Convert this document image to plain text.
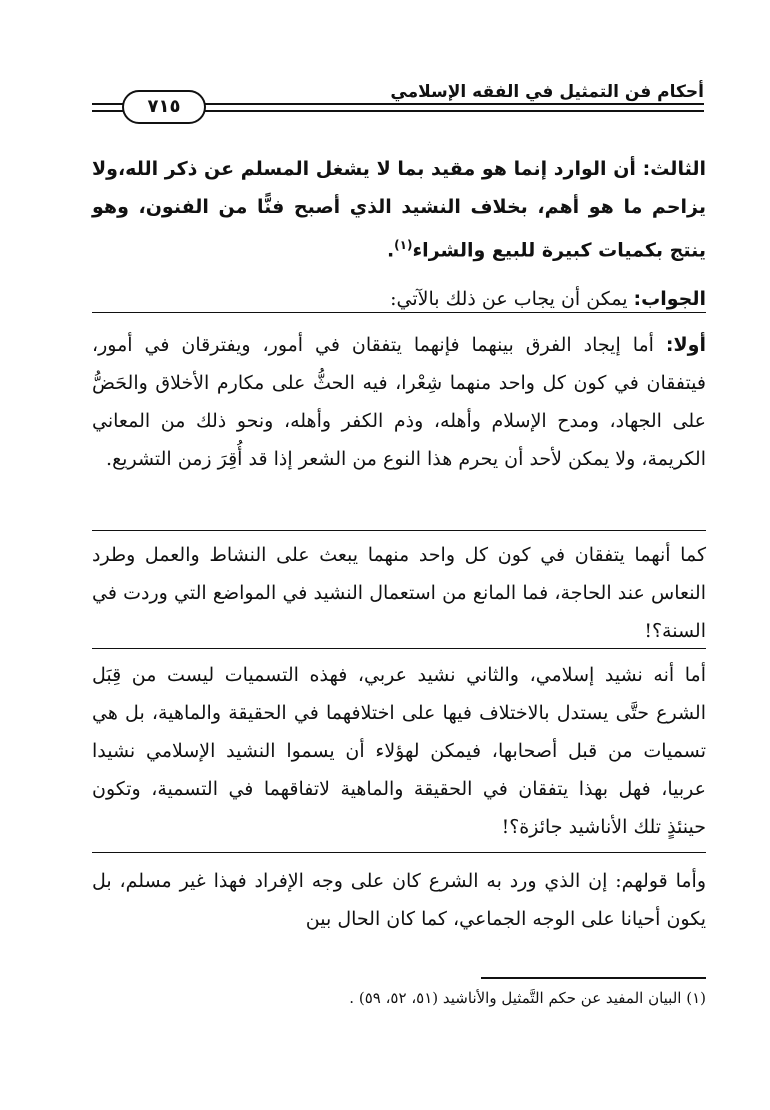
أحكام فن التمثيل في الفقه الإسلامي
٧١٥
الثالث: أن الوارد إنما هو مقيد بما لا يشغل المسلم عن ذكر الله،ولا يزاحم ما هو أهم، بخلاف النشيد الذي أصبح فنًّا من الفنون، وهو ينتج بكميات كبيرة للبيع والشراء$^{(١)}$.
الجواب: يمكن أن يجاب عن ذلك بالآتي:
أولا: أما إيجاد الفرق بينهما فإنهما يتفقان في أمور، ويفترقان في أمور، فيتفقان في كون كل واحد منهما شِعْرا، فيه الحثُّ على مكارم الأخلاق والحَضُّ على الجهاد، ومدح الإسلام وأهله، وذم الكفر وأهله، ونحو ذلك من المعاني الكريمة، ولا يمكن لأحد أن يحرم هذا النوع من الشعر إذا قد أُقِرَ زمن التشريع.
كما أنهما يتفقان في كون كل واحد منهما يبعث على النشاط والعمل وطرد النعاس عند الحاجة، فما المانع من استعمال النشيد في المواضع التي وردت في السنة؟!
أما أنه نشيد إسلامي، والثاني نشيد عربي، فهذه التسميات ليست من قِبَل الشرع حتَّى يستدل بالاختلاف فيها على اختلافهما في الحقيقة والماهية، بل هي تسميات من قبل أصحابها، فيمكن لهؤلاء أن يسموا النشيد الإسلامي نشيدا عربيا، فهل بهذا يتفقان في الحقيقة والماهية لاتفاقهما في التسمية، وتكون حينئذٍ تلك الأناشيد جائزة؟!
وأما قولهم: إن الذي ورد به الشرع كان على وجه الإفراد فهذا غير مسلم، بل يكون أحيانا على الوجه الجماعي، كما كان الحال بين
(١) البيان المفيد عن حكم التَّمثيل والأناشيد (٥١، ٥٢، ٥٩) .
